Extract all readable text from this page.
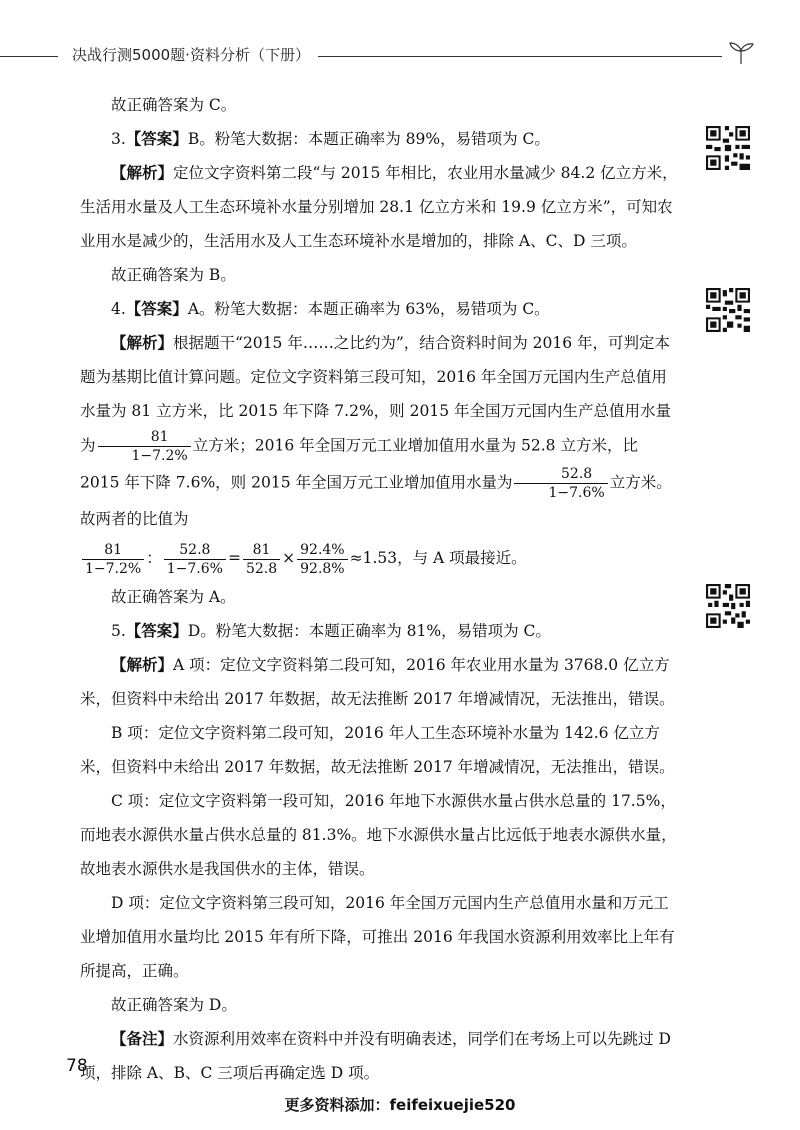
决战行测5000题·资料分析（下册）

故正确答案为 C。

3.【答案】B。粉笔大数据：本题正确率为 89%，易错项为 C。

【解析】定位文字资料第二段“与 2015 年相比，农业用水量减少 84.2 亿立方米，生活用水量及人工生态环境补水量分别增加 28.1 亿立方米和 19.9 亿立方米”，可知农业用水是减少的，生活用水及人工生态环境补水是增加的，排除 A、C、D 三项。

故正确答案为 B。

4.【答案】A。粉笔大数据：本题正确率为 63%，易错项为 C。

【解析】根据题干“2015 年……之比约为”，结合资料时间为 2016 年，可判定本题为基期比值计算问题。定位文字资料第三段可知，2016 年全国万元国内生产总值用水量为 81 立方米，比 2015 年下降 7.2%，则 2015 年全国万元国内生产总值用水量为 $\frac{81}{1-7.2\%}$ 立方米；2016 年全国万元工业增加值用水量为 52.8 立方米，比 2015 年下降 7.6%，则 2015 年全国万元工业增加值用水量为 $\frac{52.8}{1-7.6\%}$ 立方米。故两者的比值为

$\frac{81}{1-7.2\%}$ ： $\frac{52.8}{1-7.6\%} = \frac{81}{52.8} \times \frac{92.4\%}{92.8\%} \approx 1.53$，与 A 项最接近。

故正确答案为 A。

5.【答案】D。粉笔大数据：本题正确率为 81%，易错项为 C。

【解析】A 项：定位文字资料第二段可知，2016 年农业用水量为 3768.0 亿立方米，但资料中未给出 2017 年数据，故无法推断 2017 年增减情况，无法推出，错误。

B 项：定位文字资料第二段可知，2016 年人工生态环境补水量为 142.6 亿立方米，但资料中未给出 2017 年数据，故无法推断 2017 年增减情况，无法推出，错误。

C 项：定位文字资料第一段可知，2016 年地下水源供水量占供水总量的 17.5%，而地表水源供水量占供水总量的 81.3%。地下水源供水量占比远低于地表水源供水量，故地表水源供水是我国供水的主体，错误。

D 项：定位文字资料第三段可知，2016 年全国万元国内生产总值用水量和万元工业增加值用水量均比 2015 年有所下降，可推出 2016 年我国水资源利用效率比上年有所提高，正确。

故正确答案为 D。

【备注】水资源利用效率在资料中并没有明确表述，同学们在考场上可以先跳过 D 项，排除 A、B、C 三项后再确定选 D 项。

78
更多资料添加：feifeixuejie520
